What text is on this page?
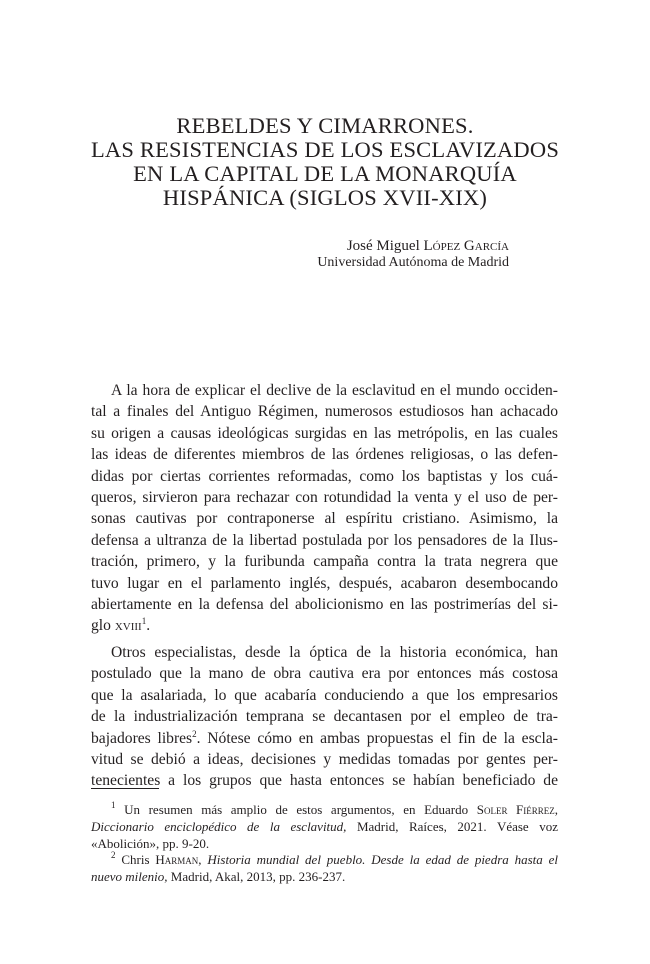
REBELDES Y CIMARRONES.
LAS RESISTENCIAS DE LOS ESCLAVIZADOS
EN LA CAPITAL DE LA MONARQUÍA
HISPÁNICA (SIGLOS XVII-XIX)
José Miguel López García
Universidad Autónoma de Madrid
A la hora de explicar el declive de la esclavitud en el mundo occiden-
tal a finales del Antiguo Régimen, numerosos estudiosos han achacado
su origen a causas ideológicas surgidas en las metrópolis, en las cuales
las ideas de diferentes miembros de las órdenes religiosas, o las defen-
didas por ciertas corrientes reformadas, como los baptistas y los cuá-
queros, sirvieron para rechazar con rotundidad la venta y el uso de per-
sonas cautivas por contraponerse al espíritu cristiano. Asimismo, la
defensa a ultranza de la libertad postulada por los pensadores de la Ilus-
tración, primero, y la furibunda campaña contra la trata negrera que
tuvo lugar en el parlamento inglés, después, acabaron desembocando
abiertamente en la defensa del abolicionismo en las postrimerías del si-
glo xviii$^1$.
Otros especialistas, desde la óptica de la historia económica, han
postulado que la mano de obra cautiva era por entonces más costosa
que la asalariada, lo que acabaría conduciendo a que los empresarios
de la industrialización temprana se decantasen por el empleo de tra-
bajadores libres$^2$. Nótese cómo en ambas propuestas el fin de la escla-
vitud se debió a ideas, decisiones y medidas tomadas por gentes per-
tenecientes a los grupos que hasta entonces se habían beneficiado de

$^1$ Un resumen más amplio de estos argumentos, en Eduardo Soler Fiérrez, Diccionario enciclopédico de la esclavitud, Madrid, Raíces, 2021. Véase voz «Abolición», pp. 9-20.

$^2$ Chris Harman, Historia mundial del pueblo. Desde la edad de piedra hasta el nuevo milenio, Madrid, Akal, 2013, pp. 236-237.
